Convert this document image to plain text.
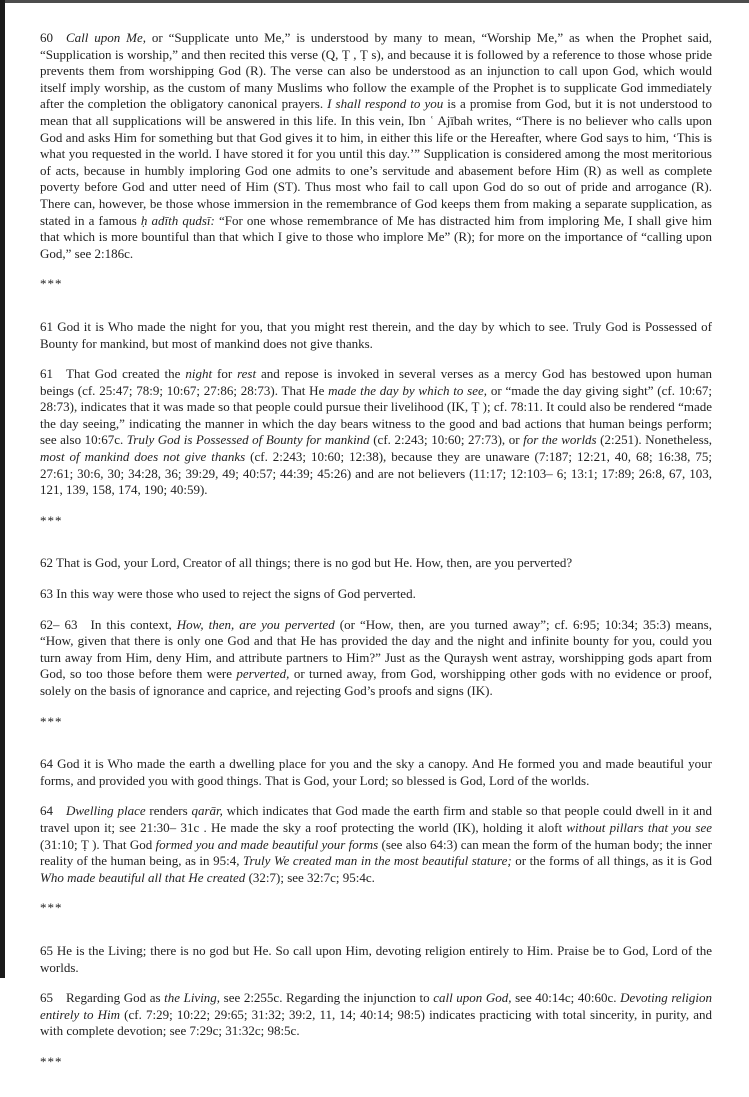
60 Call upon Me, or “Supplicate unto Me,” is understood by many to mean, “Worship Me,” as when the Prophet said, “Supplication is worship,” and then recited this verse (Q, Ṭ , Ṭ s), and because it is followed by a reference to those whose pride prevents them from worshipping God (R). The verse can also be understood as an injunction to call upon God, which would itself imply worship, as the custom of many Muslims who follow the example of the Prophet is to supplicate God immediately after the completion the obligatory canonical prayers. I shall respond to you is a promise from God, but it is not understood to mean that all supplications will be answered in this life. In this vein, Ibn ʿ Ajībah writes, “There is no believer who calls upon God and asks Him for something but that God gives it to him, in either this life or the Hereafter, where God says to him, ‘This is what you requested in the world. I have stored it for you until this day.’” Supplication is considered among the most meritorious of acts, because in humbly imploring God one admits to one’s servitude and abasement before Him (R) as well as complete poverty before God and utter need of Him (ST). Thus most who fail to call upon God do so out of pride and arrogance (R). There can, however, be those whose immersion in the remembrance of God keeps them from making a separate supplication, as stated in a famous ḥ adīth qudsī: “For one whose remembrance of Me has distracted him from imploring Me, I shall give him that which is more bountiful than that which I give to those who implore Me” (R); for more on the importance of “calling upon God,” see 2:186c.

***

61 God it is Who made the night for you, that you might rest therein, and the day by which to see. Truly God is Possessed of Bounty for mankind, but most of mankind does not give thanks.

61 That God created the night for rest and repose is invoked in several verses as a mercy God has bestowed upon human beings (cf. 25:47; 78:9; 10:67; 27:86; 28:73). That He made the day by which to see, or “made the day giving sight” (cf. 10:67; 28:73), indicates that it was made so that people could pursue their livelihood (IK, Ṭ ); cf. 78:11. It could also be rendered “made the day seeing,” indicating the manner in which the day bears witness to the good and bad actions that human beings perform; see also 10:67c. Truly God is Possessed of Bounty for mankind (cf. 2:243; 10:60; 27:73), or for the worlds (2:251). Nonetheless, most of mankind does not give thanks (cf. 2:243; 10:60; 12:38), because they are unaware (7:187; 12:21, 40, 68; 16:38, 75; 27:61; 30:6, 30; 34:28, 36; 39:29, 49; 40:57; 44:39; 45:26) and are not believers (11:17; 12:103– 6; 13:1; 17:89; 26:8, 67, 103, 121, 139, 158, 174, 190; 40:59).

***

62 That is God, your Lord, Creator of all things; there is no god but He. How, then, are you perverted?

63 In this way were those who used to reject the signs of God perverted.

62– 63 In this context, How, then, are you perverted (or “How, then, are you turned away”; cf. 6:95; 10:34; 35:3) means, “How, given that there is only one God and that He has provided the day and the night and infinite bounty for you, could you turn away from Him, deny Him, and attribute partners to Him?” Just as the Quraysh went astray, worshipping gods apart from God, so too those before them were perverted, or turned away, from God, worshipping other gods with no evidence or proof, solely on the basis of ignorance and caprice, and rejecting God’s proofs and signs (IK).

***

64 God it is Who made the earth a dwelling place for you and the sky a canopy. And He formed you and made beautiful your forms, and provided you with good things. That is God, your Lord; so blessed is God, Lord of the worlds.

64 Dwelling place renders qarār, which indicates that God made the earth firm and stable so that people could dwell in it and travel upon it; see 21:30– 31c . He made the sky a roof protecting the world (IK), holding it aloft without pillars that you see (31:10; Ṭ ). That God formed you and made beautiful your forms (see also 64:3) can mean the form of the human body; the inner reality of the human being, as in 95:4, Truly We created man in the most beautiful stature; or the forms of all things, as it is God Who made beautiful all that He created (32:7); see 32:7c; 95:4c.

***

65 He is the Living; there is no god but He. So call upon Him, devoting religion entirely to Him. Praise be to God, Lord of the worlds.

65 Regarding God as the Living, see 2:255c. Regarding the injunction to call upon God, see 40:14c; 40:60c. Devoting religion entirely to Him (cf. 7:29; 10:22; 29:65; 31:32; 39:2, 11, 14; 40:14; 98:5) indicates practicing with total sincerity, in purity, and with complete devotion; see 7:29c; 31:32c; 98:5c.

***
